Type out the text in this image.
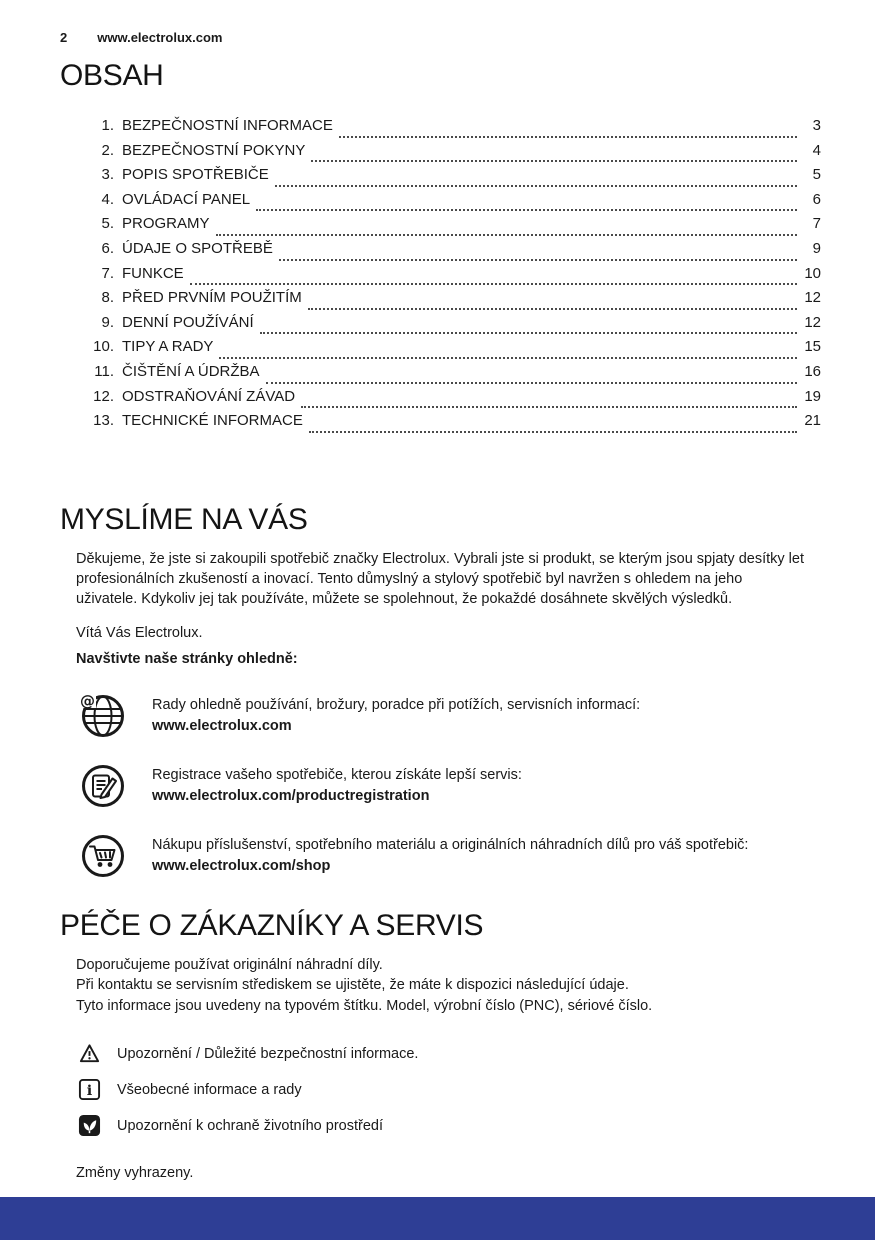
2 www.electrolux.com
OBSAH
1. BEZPEČNOSTNÍ INFORMACE	3
2. BEZPEČNOSTNÍ POKYNY	4
3. POPIS SPOTŘEBIČE	5
4. OVLÁDACÍ PANEL	6
5. PROGRAMY	7
6. ÚDAJE O SPOTŘEBĚ	9
7. FUNKCE	10
8. PŘED PRVNÍM POUŽITÍM	12
9. DENNÍ POUŽÍVÁNÍ	12
10. TIPY A RADY	15
11. ČIŠTĚNÍ A ÚDRŽBA	16
12. ODSTRAŇOVÁNÍ ZÁVAD	19
13. TECHNICKÉ INFORMACE	21
MYSLÍME NA VÁS

Děkujeme, že jste si zakoupili spotřebič značky Electrolux. Vybrali jste si produkt, se kterým jsou spjaty desítky let profesionálních zkušeností a inovací. Tento důmyslný a stylový spotřebič byl navržen s ohledem na jeho uživatele. Kdykoliv jej tak používáte, můžete se spolehnout, že pokaždé dosáhnete skvělých výsledků.

Vítá Vás Electrolux.

Navštivte naše stránky ohledně:

@	Rady ohledně používání, brožury, poradce při potížích, servisních informací:
www.electrolux.com
Registrace vašeho spotřebiče, kterou získáte lepší servis:
www.electrolux.com/productregistration
Nákupu příslušenství, spotřebního materiálu a originálních náhradních dílů pro váš spotřebič:
www.electrolux.com/shop
PÉČE O ZÁKAZNÍKY A SERVIS
Doporučujeme používat originální náhradní díly.
Při kontaktu se servisním střediskem se ujistěte, že máte k dispozici následující údaje.
Tyto informace jsou uvedeny na typovém štítku. Model, výrobní číslo (PNC), sériové číslo.
Upozornění / Důležité bezpečnostní informace.
i Všeobecné informace a rady
Upozornění k ochraně životního prostředí

Změny vyhrazeny.
